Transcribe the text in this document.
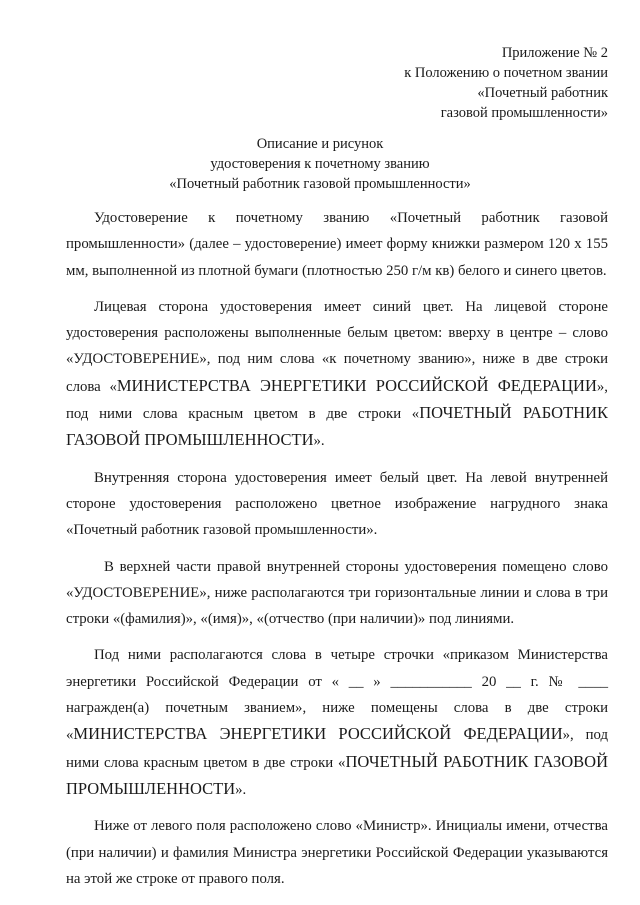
Приложение № 2
к Положению о почетном звании
«Почетный работник
газовой промышленности»
Описание и рисунок
удостоверения к почетному званию
«Почетный работник газовой промышленности»

Удостоверение к почетному званию «Почетный работник газовой промышленности» (далее – удостоверение) имеет форму книжки размером 120 х 155 мм, выполненной из плотной бумаги (плотностью 250 г/м кв) белого и синего цветов.

Лицевая сторона удостоверения имеет синий цвет. На лицевой стороне удостоверения расположены выполненные белым цветом: вверху в центре – слово «УДОСТОВЕРЕНИЕ», под ним слова «к почетному званию», ниже в две строки слова «МИНИСТЕРСТВА ЭНЕРГЕТИКИ РОССИЙСКОЙ ФЕДЕРАЦИИ», под ними слова красным цветом в две строки «ПОЧЕТНЫЙ РАБОТНИК ГАЗОВОЙ ПРОМЫШЛЕННОСТИ».

Внутренняя сторона удостоверения имеет белый цвет. На левой внутренней стороне удостоверения расположено цветное изображение нагрудного знака «Почетный работник газовой промышленности».

В верхней части правой внутренней стороны удостоверения помещено слово «УДОСТОВЕРЕНИЕ», ниже располагаются три горизонтальные линии и слова в три строки «(фамилия)», «(имя)», «(отчество (при наличии)» под линиями.

Под ними располагаются слова в четыре строчки «приказом Министерства энергетики Российской Федерации от « __ » ___________ 20 __ г. № ____ награжден(а) почетным званием», ниже помещены слова в две строки «МИНИСТЕРСТВА ЭНЕРГЕТИКИ РОССИЙСКОЙ ФЕДЕРАЦИИ», под ними слова красным цветом в две строки «ПОЧЕТНЫЙ РАБОТНИК ГАЗОВОЙ ПРОМЫШЛЕННОСТИ».

Ниже от левого поля расположено слово «Министр». Инициалы имени, отчества (при наличии) и фамилия Министра энергетики Российской Федерации указываются на этой же строке от правого поля.
